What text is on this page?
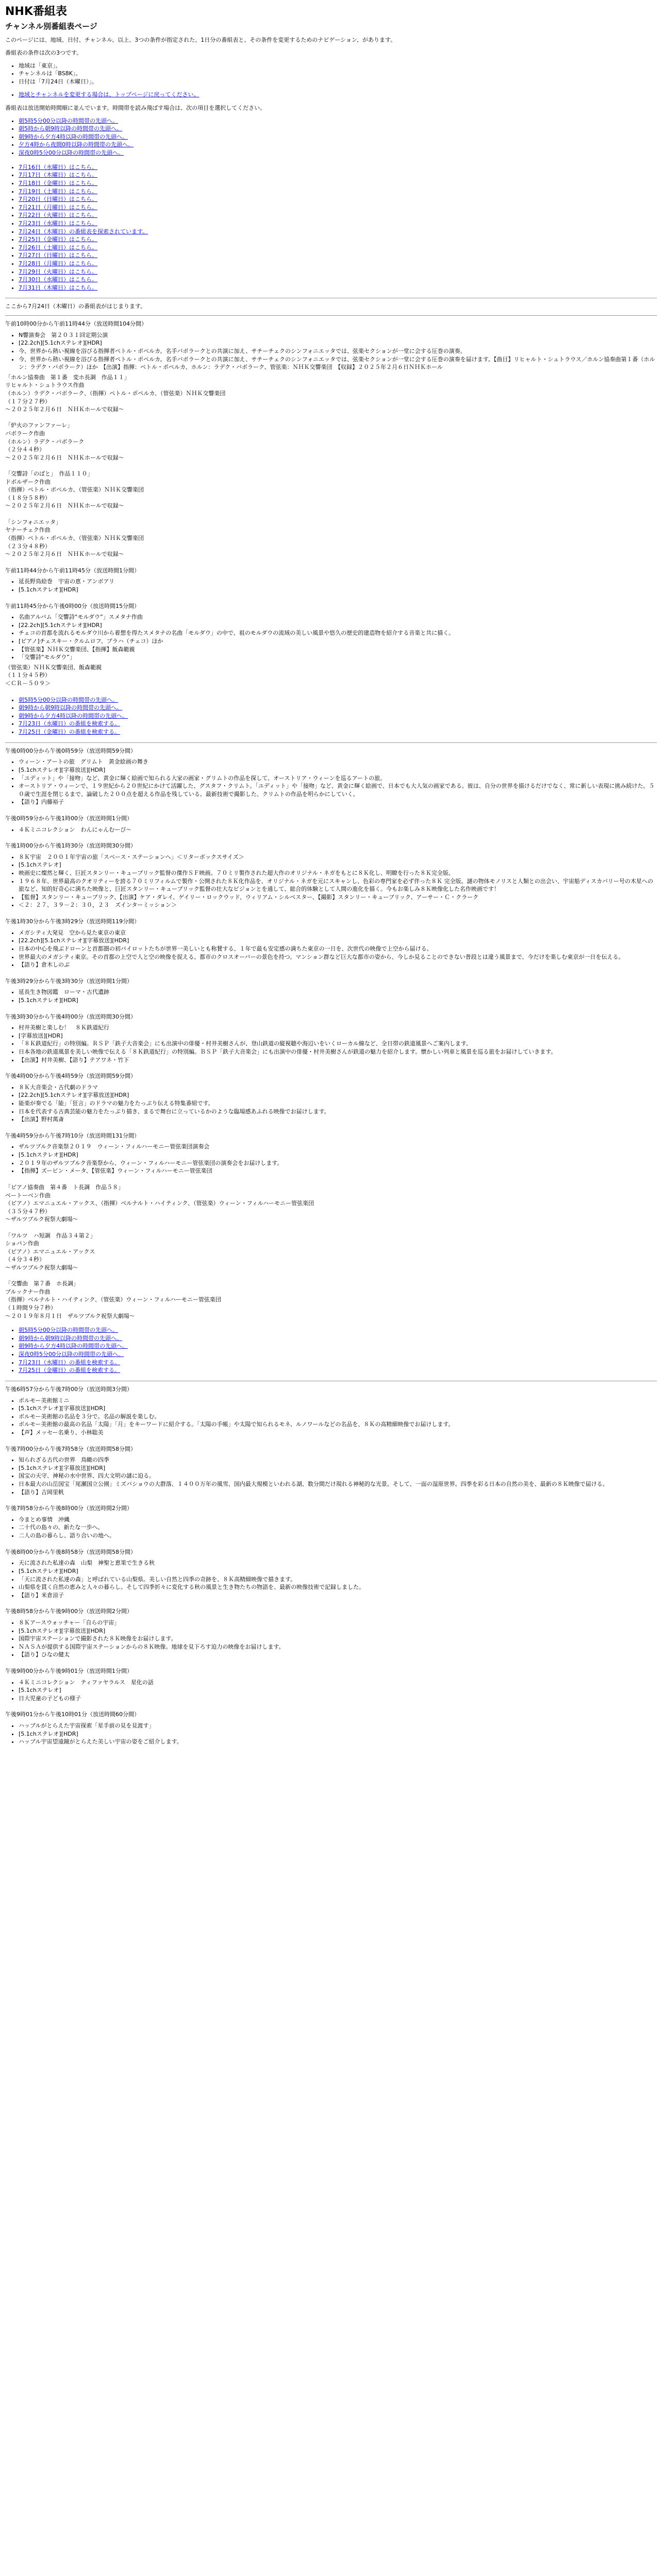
NHK番組表
チャンネル別番組表ページ

このページには、地域、日付、チャンネル、以上、3つの条件が指定された、1日分の番組表と、その条件を変更するためのナビゲーション、があります。

番組表の条件は次の3つです。

• 地域は「東京」。
• チャンネルは「BS8K」。
• 日付は「7月24日（木曜日）」。
• 地域とチャンネルを変更する場合は、トップページに戻ってください。

番組表は放送開始時間順に並んでいます。時間帯を読み飛ばす場合は、次の項目を選択してください。

• 朝5時5分00分以降の時間帯の先頭へ。
• 朝5時から朝9時以降の時間帯の先頭へ。
• 朝9時から夕方4時以降の時間帯の先頭へ。
• 夕方4時から夜間0時以降の時間帯の先頭へ。
• 深夜0時5分00分以降の時間帯の先頭へ。
• 7月16日（水曜日）はこちら。
• 7月17日（木曜日）はこちら。
• 7月18日（金曜日）はこちら。
• 7月19日（土曜日）はこちら。
• 7月20日（日曜日）はこちら。
• 7月21日（月曜日）はこちら。
• 7月22日（火曜日）はこちら。
• 7月23日（水曜日）はこちら。
• 7月24日（木曜日）の番組表を探索されています。
• 7月25日（金曜日）はこちら。
• 7月26日（土曜日）はこちら。
• 7月27日（日曜日）はこちら。
• 7月28日（月曜日）はこちら。
• 7月29日（火曜日）はこちら。
• 7月30日（水曜日）はこちら。
• 7月31日（木曜日）はこちら。

ここから7月24日（木曜日）の番組表がはじまります。

午前10時00分から午前11時44分（放送時間104分間）

• N響演奏会　第２０３１回定期公演
• [22.2ch][5.1chステレオ][HDR]
• 今、世界から熱い視線を浴びる指揮者ペトル・ポペルカ。名手バボラークとの共演に加え、サチーチェクのシンフォニエッタでは、弦楽セクションが一堂に会する圧巻の演奏。
• 今、世界から熱い視線を浴びる指揮者ペトル・ポペルカ。名手バボラークとの共演に加え、サチーチェクのシンフォニエッタでは、弦楽セクションが一堂に会する圧巻の演奏を届けます。【曲目】リヒャルト・シュトラウス／ホルン協奏曲第１番（ホルン：ラデク・バボラーク）ほか　【出演】指揮：ペトル・ポペルカ、ホルン：ラデク・バボラーク、管弦楽：ＮＨＫ交響楽団　【収録】２０２５年２月６日ＮＨＫホール
「ホルン協奏曲　第１番　変ホ長調　作品１１」
リヒャルト・シュトラウス作曲
（ホルン）ラデク・バボラーク、（指揮）ペトル・ポペルカ、（管弦楽）ＮＨＫ交響楽団
（１７分２７秒）
～２０２５年２月６日　ＮＨＫホールで収録～

「炉火のファンファーレ」
バボラーク作曲
（ホルン）ラデク・バボラーク
（２分４４秒）
～２０２５年２月６日　ＮＨＫホールで収録～

「交響詩「のばと」　作品１１０」
ドボルザーク作曲
（指揮）ペトル・ポペルカ、（管弦楽）ＮＨＫ交響楽団
（１８分５８秒）
～２０２５年２月６日　ＮＨＫホールで収録～

「シンフォニエッタ」
ヤナーチェク作曲
（指揮）ペトル・ポペルカ、（管弦楽）ＮＨＫ交響楽団
（２３分４８秒）
～２０２５年２月６日　ＮＨＫホールで収録～

午前11時44分から午前11時45分（放送時間1分間）

• 延長野鳥絵巻　宇宙の恵・アンボアリ
• [5.1chステレオ][HDR]

午前11時45分から午後0時00分（放送時間15分間）

• 名曲アルバム「交響詩“モルダウ”」スメタナ作曲
• [22.2ch][5.1chステレオ][HDR]
• チェコの首都を流れるモルダウ川から着想を得たスメタナの名曲「モルダウ」の中で、祖のモルダウの流域の美しい風景や悠久の歴史的建造物を紹介する音楽と共に描く。
• [ピアノ]チェスキー・クルムロフ、プラハ（チェコ）ほか
• 【管弦楽】ＮＨＫ交響楽団、【指揮】飯森範親
• 「交響詩“モルダウ”」
（管弦楽）ＮＨＫ交響楽団、飯森範親
（１１分４５秒）
＜ＣＲ－５０９＞
• 朝5時5分00分以降の時間帯の先頭へ。
• 朝9時から朝9時以降の時間帯の先頭へ。
• 朝9時から夕方4時以降の時間帯の先頭へ。
• 7月23日（水曜日）の番組を検索する。
• 7月25日（金曜日）の番組を検索する。

午後0時00分から午後0時59分（放送時間59分間）

• ウィーン・アートの旅　グリムト　黄金絵画の舞き
• [5.1chステレオ][字幕放送][HDR]
• 「ユディット」や「接吻」など、黄金に輝く絵画で知られる大家の画家・グリムトの作品を探して、オーストリア・ウィーンを巡るアートの旅。
• オーストリア・ウィーンで、１９世紀から２０世紀にかけて活躍した、グスタフ・クリムト。「ユディット」や「接吻」など、黄金に輝く絵画で、日本でも大人気の画家である。彼は、自分の世界を描けるだけでなく、常に新しい表現に挑み続けた。５０歳で生涯を閉じるまで、論破した２００点を超える作品を残している。最新技術で撮影した、クリムトの作品を明らかにしていく。
• 【語り】内藤裕子

午後0時59分から午後1時00分（放送時間1分間）

• ４Ｋミニコレクション　わんにゃんむーび～

午後1時00分から午後1時30分（放送時間30分間）

• ８Ｋ宇宙　２００１年宇宙の旅「スペース・ステーションへ」＜リターボックスサイズ＞
• [5.1chステレオ]
• 映画史に燦然と輝く、巨匠スタンリー・キューブリック監督の傑作ＳＦ映画。７０ミリ製作された超大作のオリジナル・ネガをもとに８Ｋ化し、明瞭を行った８Ｋ完全版。
• １９６８年、世界最高のクオリティーを誇る７０ミリフィルムで製作・公開された８Ｋ化作品を、オリジナル・ネガを元にスキャンし、色彩の専門家を必ず伴った８Ｋ 完全版。謎の物体モノリスと人類との出会い、宇宙船ディスカバリー号の木星への旅など、知的好奇心に満ちた映像と、巨匠スタンリー・キューブリック監督の壮大なビジョンとを通して、総合的体験として人間の進化を描く。今もお楽しみ８Ｋ映像化した名作映画です！
• 【監督】スタンリー・キューブリック、【出演】ケア・ダレイ、ゲイリー・ロックウッド、ウィリアム・シルベスター、【撮影】スタンリー・キューブリック、アーサー・Ｃ・クラーク
• ＜２：２７、３９－２：３０，２３　ズインターミッション＞

午後1時30分から午後3時29分（放送時間119分間）

• メガシティ大発見　空から見た東京の東京
• [22.2ch][5.1chステレオ][字幕放送][HDR]
• 日本の中心を飛ぶドローンと首都圏の初パイロットたちが世界一美しいとも称賛する、１年で最も安定感の満ちた東京の一日を、次世代の映像で上空から届ける。
• 世界最大のメガシティ東京。その首都の上空で人と空の映像を捉える、都市のクロスオーバーの景色を持つ。マンション群など巨大な都市の姿から、今しか見ることのできない普段とは違う風景まで、今だけを楽しむ東京が一日を伝える。
• 【語り】倉木しのぶ

午後3時29分から午後3時30分（放送時間1分間）

• 延長生き物図鑑　ローマ・古代遺跡
• [5.1chステレオ][HDR]

午後3時30分から午後4時00分（放送時間30分間）

• 村井美樹と楽しむ！　８Ｋ鉄道紀行
• [字幕放送][HDR]
• 「８Ｋ鉄道紀行」の特別編。ＲＳＰ「鉄子大音楽会」にも出演中の俳優・村井美樹さんが、登山鉄道の縦視聴や海辺いをいくローカル線など、全日帯の鉄道風景へご案内します。
• 日本各地の鉄道風景を美しい映像で伝える「８Ｋ鉄道紀行」の特別編。ＢＳＰ「鉄子大音楽会」にも出演中の俳優・村井美樹さんが鉄道の魅力を紹介します。懐かしい列車と風景を巡る旅をお届けしていきます。
• 【出演】村井美樹、【語り】テアワネ・竹下

午後4時00分から午後4時59分（放送時間59分間）

• ８Ｋ大音楽会・古代劇のドラマ
• [22.2ch][5.1chステレオ][字幕放送][HDR]
• 能楽が奏でる「能」「狂言」のドラマの魅力をたっぷり伝える特集番組です。
• 日本を代表する古典芸能の魅力をたっぷり描き、まるで舞台に立っているかのような臨場感あふれる映像でお届けします。
• 【出演】野村萬斎

午後4時59分から午後7時10分（放送時間131分間）

• ザルツブルク音楽祭２０１９　ウィーン・フィルハーモニー管弦楽団演奏会
• [5.1chステレオ][HDR]
• ２０１９年のザルツブルク音楽祭から、ウィーン・フィルハーモニー管弦楽団の演奏会をお届けします。
• 【指揮】ズービン・メータ、【管弦楽】ウィーン・フィルハーモニー管弦楽団
「ピアノ協奏曲　第４番　ト長調　作品５８」
ベートーベン作曲
（ピアノ）エマニュエル・アックス、（指揮）ベルナルト・ハイティンク、（管弦楽）ウィーン・フィルハーモニー管弦楽団
（３５分４７秒）
～ザルツブルク祝祭大劇場～

「ワルツ　ハ短調　作品３４第２」
ショパン作曲
（ピアノ）エマニュエル・アックス
（４分３４秒）
～ザルツブルク祝祭大劇場～

「交響曲　第７番　ホ長調」
ブルックナー作曲
（指揮）ベルナルト・ハイティンク、（管弦楽）ウィーン・フィルハーモニー管弦楽団
（１時間９分７秒）
～２０１９年８月１日　ザルツブルク祝祭大劇場～
• 朝5時5分00分以降の時間帯の先頭へ。
• 朝9時から朝9時以降の時間帯の先頭へ。
• 朝9時から夕方4時以降の時間帯の先頭へ。
• 深夜0時5分00分以降の時間帯の先頭へ。
• 7月23日（水曜日）の番組を検索する。
• 7月25日（金曜日）の番組を検索する。

午後6時57分から午後7時00分（放送時間3分間）

• ボルモー美術館ミニ
• [5.1chステレオ][字幕放送][HDR]
• ボルモー美術館の名品を３分で。名品の解説を楽しむ。
• ボルモー美術館の最高の名品「太陽」「月」をキーワードに紹介する。「太陽の手帳」や太陽で知られるモネ、ルノワールなどの名品を、８Ｋの高精細映像でお届けします。
• 【声】メッセー名乗り、小林聡美

午後7時00分から午後7時58分（放送時間58分間）

• 知られざる古代の世界　鳥瞰の四季
• [5.1chステレオ][字幕放送][HDR]
• 国宝の天守、神秘の水中世界、四大文明の謎に迫る。
• 日本最大の山岳国宝「尾瀬国立公園」ミズバショウの大群落、１４００万年の風雪、国内最大規模といわれる湖、数分間だけ現れる神秘的な光景。そして、一面の湿原世界。四季を彩る日本の自然の美を、最新の８Ｋ映像で届ける。
• 【語り】吉岡里帆

午後7時58分から午後8時00分（放送時間2分間）

• 今まとめ事情　沖縄
• 二十代の島々の、新たな一歩へ。
• 二人の島の暮らし、語り合いの地へ。

午後8時00分から午後8時58分（放送時間58分間）

• 天に流された私達の森　山梨　神聖と恵果で生きる秋
• [5.1chステレオ][HDR]
• 「天に流された私達の森」と呼ばれている山梨県。美しい自然と四季の奇跡を、８Ｋ高精細映像で描きます。
• 山梨県を貫く自然の恵みと人々の暮らし。そして四季折々に変化する秋の風景と生き物たちの物語を、最新の映像技術で記録しました。
• 【語り】米倉涼子

午後8時58分から午後9時00分（放送時間2分間）

• ８Ｋアースウォッチャー「自らの宇宙」
• [5.1chステレオ][字幕放送][HDR]
• 国際宇宙ステーションで撮影された８Ｋ映像をお届けします。
• ＮＡＳＡが提供する国際宇宙ステーションからの８Ｋ映像。地球を見下ろす迫力の映像をお届けします。
• 【語り】ひなの健太

午後9時00分から午後9時01分（放送時間1分間）

• ４Ｋミニコレクション　ティファヤラルス　星化の話
• [5.1chステレオ]
• 日大児童の子どもの様子

午後9時01分から午後10時01分（放送時間60分間）

• ハッブルがとらえた宇宙探索「星手前の見を見渡す」
• [5.1chステレオ][HDR]
• ハッブル宇宙望遠鏡がとらえた美しい宇宙の姿をご紹介します。
